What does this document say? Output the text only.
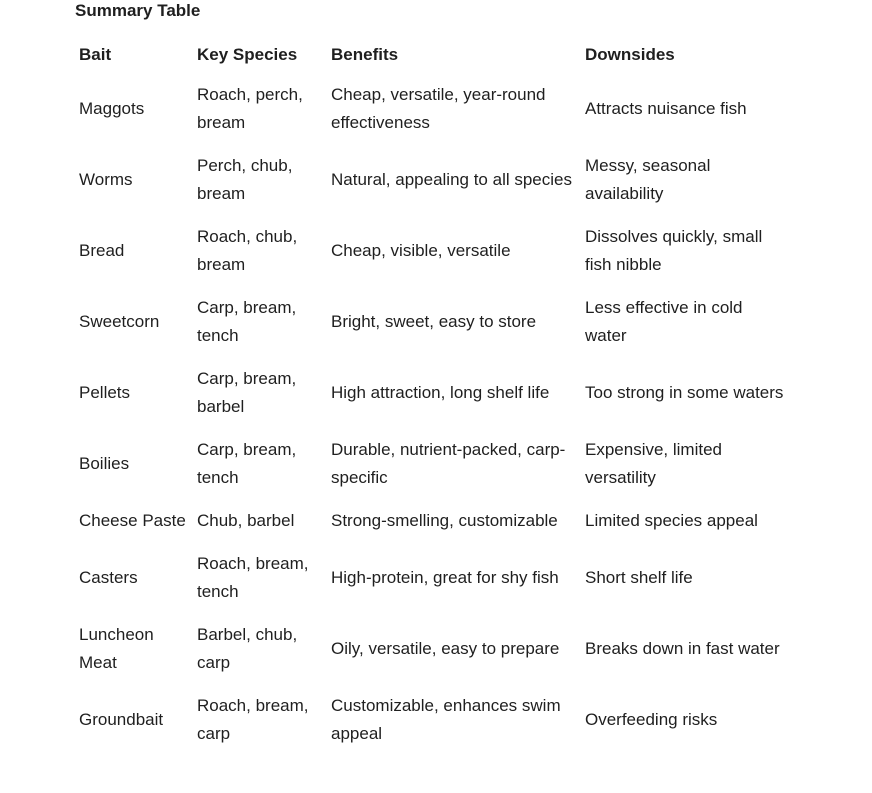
Summary Table
Bait	Key Species	Benefits	Downsides
Maggots	Roach, perch, bream	Cheap, versatile, year-round effectiveness	Attracts nuisance fish
Worms	Perch, chub, bream	Natural, appealing to all species	Messy, seasonal availability
Bread	Roach, chub, bream	Cheap, visible, versatile	Dissolves quickly, small fish nibble
Sweetcorn	Carp, bream, tench	Bright, sweet, easy to store	Less effective in cold water
Pellets	Carp, bream, barbel	High attraction, long shelf life	Too strong in some waters
Boilies	Carp, bream, tench	Durable, nutrient-packed, carp-specific	Expensive, limited versatility
Cheese Paste	Chub, barbel	Strong-smelling, customizable	Limited species appeal
Casters	Roach, bream, tench	High-protein, great for shy fish	Short shelf life
Luncheon Meat	Barbel, chub, carp	Oily, versatile, easy to prepare	Breaks down in fast water
Groundbait	Roach, bream, carp	Customizable, enhances swim appeal	Overfeeding risks
